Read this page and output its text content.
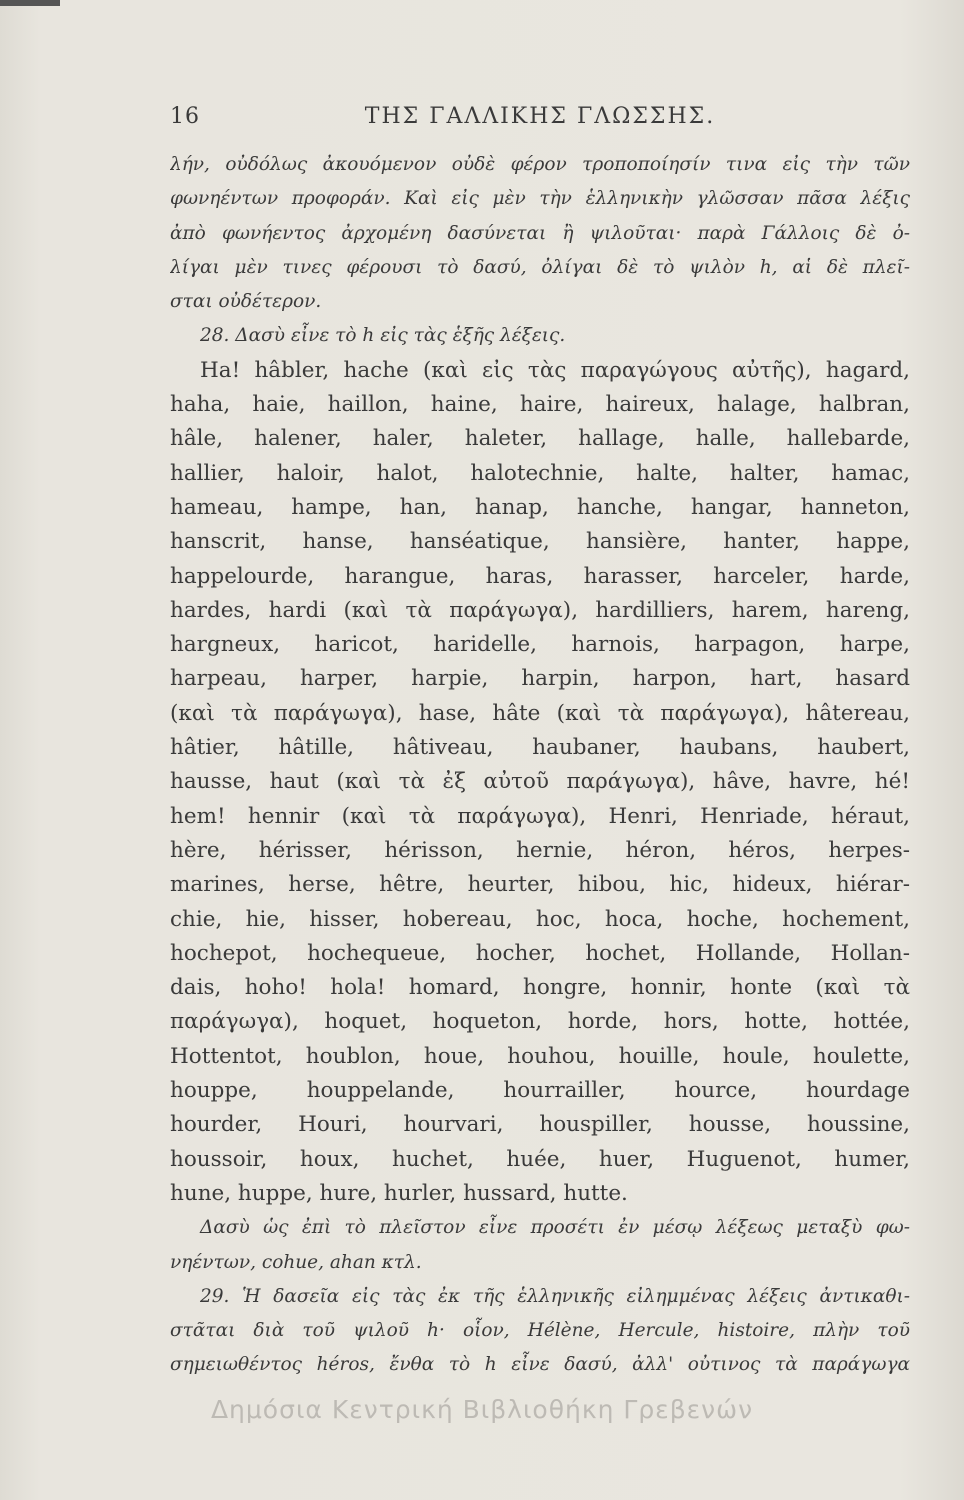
16	ΤΗΣ ΓΑΛΛΙΚΗΣ ΓΛΩΣΣΗΣ.
λήν, οὐδόλως ἀκουόμενον οὐδὲ φέρον τροποποίησίν τινα εἰς τὴν τῶν
φωνηέντων προφοράν. Καὶ εἰς μὲν τὴν ἑλληνικὴν γλῶσσαν πᾶσα λέξις
ἀπὸ φωνήεντος ἀρχομένη δασύνεται ἢ ψιλοῦται· παρὰ Γάλλοις δὲ ὀ-
λίγαι μὲν τινες φέρουσι τὸ δασύ, ὀλίγαι δὲ τὸ ψιλὸν h, αἱ δὲ πλεῖ-
σται οὐδέτερον.
28. Δασὺ εἶνε τὸ h εἰς τὰς ἑξῆς λέξεις.
Ha! hâbler, hache (καὶ εἰς τὰς παραγώγους αὐτῆς), hagard,
haha, haie, haillon, haine, haire, haireux, halage, halbran,
hâle, halener, haler, haleter, hallage, halle, hallebarde,
hallier, haloir, halot, halotechnie, halte, halter, hamac,
hameau, hampe, han, hanap, hanche, hangar, hanneton,
hanscrit, hanse, hanséatique, hansière, hanter, happe,
happelourde, harangue, haras, harasser, harceler, harde,
hardes, hardi (καὶ τὰ παράγωγα), hardilliers, harem, hareng,
hargneux, haricot, haridelle, harnois, harpagon, harpe,
harpeau, harper, harpie, harpin, harpon, hart, hasard
(καὶ τὰ παράγωγα), hase, hâte (καὶ τὰ παράγωγα), hâtereau,
hâtier, hâtille, hâtiveau, haubaner, haubans, haubert,
hausse, haut (καὶ τὰ ἐξ αὐτοῦ παράγωγα), hâve, havre, hé!
hem! hennir (καὶ τὰ παράγωγα), Henri, Henriade, héraut,
hère, hérisser, hérisson, hernie, héron, héros, herpes-
marines, herse, hêtre, heurter, hibou, hic, hideux, hiérar-
chie, hie, hisser, hobereau, hoc, hoca, hoche, hochement,
hochepot, hochequeue, hocher, hochet, Hollande, Hollan-
dais, hoho! hola! homard, hongre, honnir, honte (καὶ τὰ
παράγωγα), hoquet, hoqueton, horde, hors, hotte, hottée,
Hottentot, houblon, houe, houhou, houille, houle, houlette,
houppe, houppelande, hourrailler, hource, hourdage
hourder, Houri, hourvari, houspiller, housse, houssine,
houssoir, houx, huchet, huée, huer, Huguenot, humer,
hune, huppe, hure, hurler, hussard, hutte.
Δασὺ ὡς ἐπὶ τὸ πλεῖστον εἶνε προσέτι ἐν μέσῳ λέξεως μεταξὺ φω-
νηέντων, cohue, ahan κτλ.
29. Ἡ δασεῖα εἰς τὰς ἐκ τῆς ἑλληνικῆς εἰλημμένας λέξεις ἀντικαθι-
στᾶται διὰ τοῦ ψιλοῦ h· οἷον, Hélène, Hercule, histoire, πλὴν τοῦ
σημειωθέντος héros, ἔνθα τὸ h εἶνε δασύ, ἀλλ' οὐτινος τὰ παράγωγα
Δημόσια Κεντρική Βιβλιοθήκη Γρεβενών
